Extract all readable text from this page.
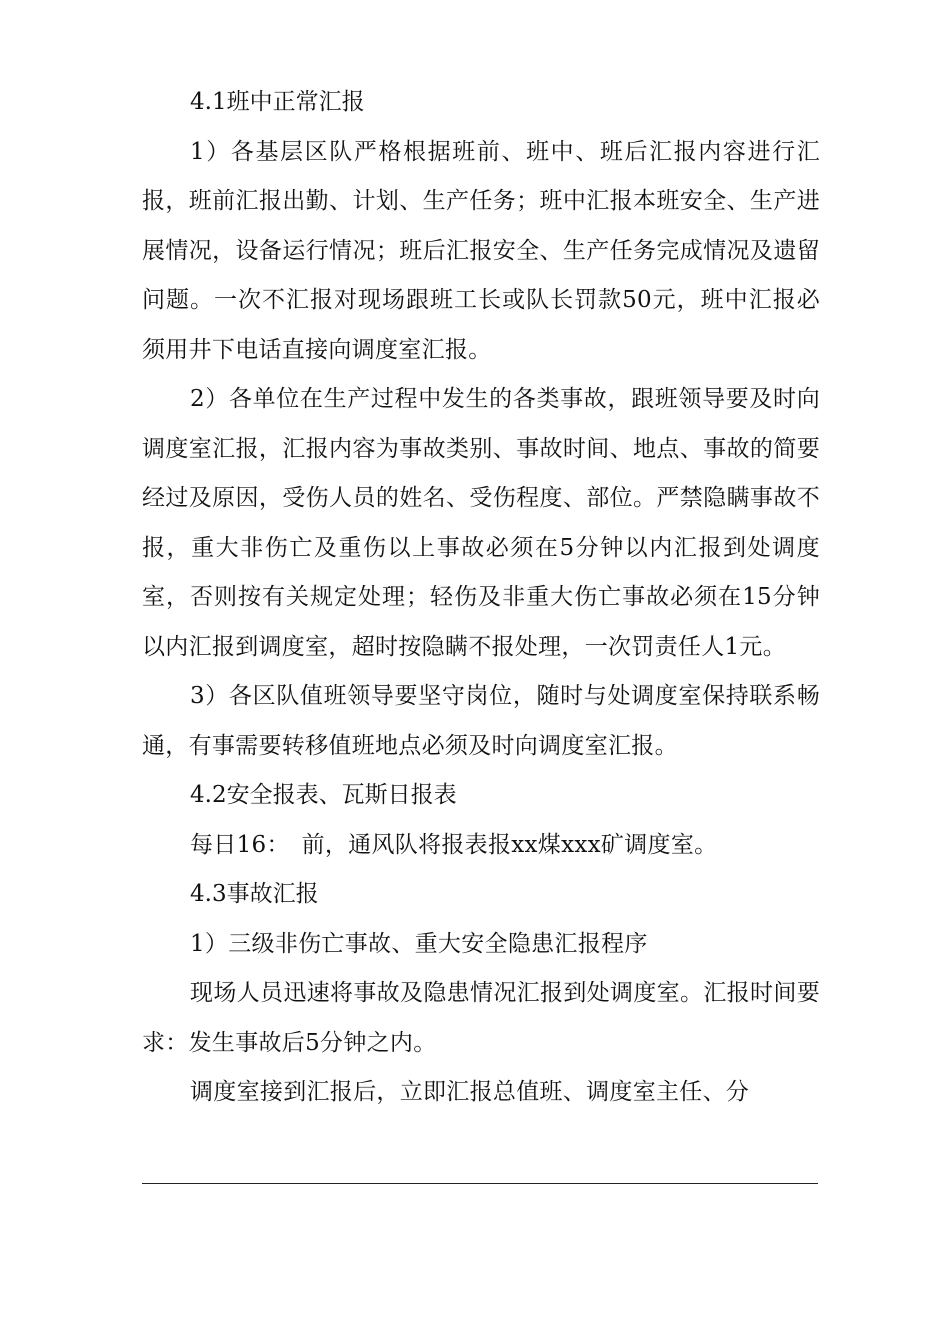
4.1班中正常汇报

1）各基层区队严格根据班前、班中、班后汇报内容进行汇报，班前汇报出勤、计划、生产任务；班中汇报本班安全、生产进展情况，设备运行情况；班后汇报安全、生产任务完成情况及遗留问题。一次不汇报对现场跟班工长或队长罚款50元，班中汇报必须用井下电话直接向调度室汇报。

2）各单位在生产过程中发生的各类事故，跟班领导要及时向调度室汇报，汇报内容为事故类别、事故时间、地点、事故的简要经过及原因，受伤人员的姓名、受伤程度、部位。严禁隐瞒事故不报，重大非伤亡及重伤以上事故必须在5分钟以内汇报到处调度室，否则按有关规定处理；轻伤及非重大伤亡事故必须在15分钟以内汇报到调度室，超时按隐瞒不报处理，一次罚责任人1元。

3）各区队值班领导要坚守岗位，随时与处调度室保持联系畅通，有事需要转移值班地点必须及时向调度室汇报。

4.2安全报表、瓦斯日报表

每日16：　前，通风队将报表报xx煤xxx矿调度室。

4.3事故汇报

1）三级非伤亡事故、重大安全隐患汇报程序

现场人员迅速将事故及隐患情况汇报到处调度室。汇报时间要求：发生事故后5分钟之内。

调度室接到汇报后，立即汇报总值班、调度室主任、分
